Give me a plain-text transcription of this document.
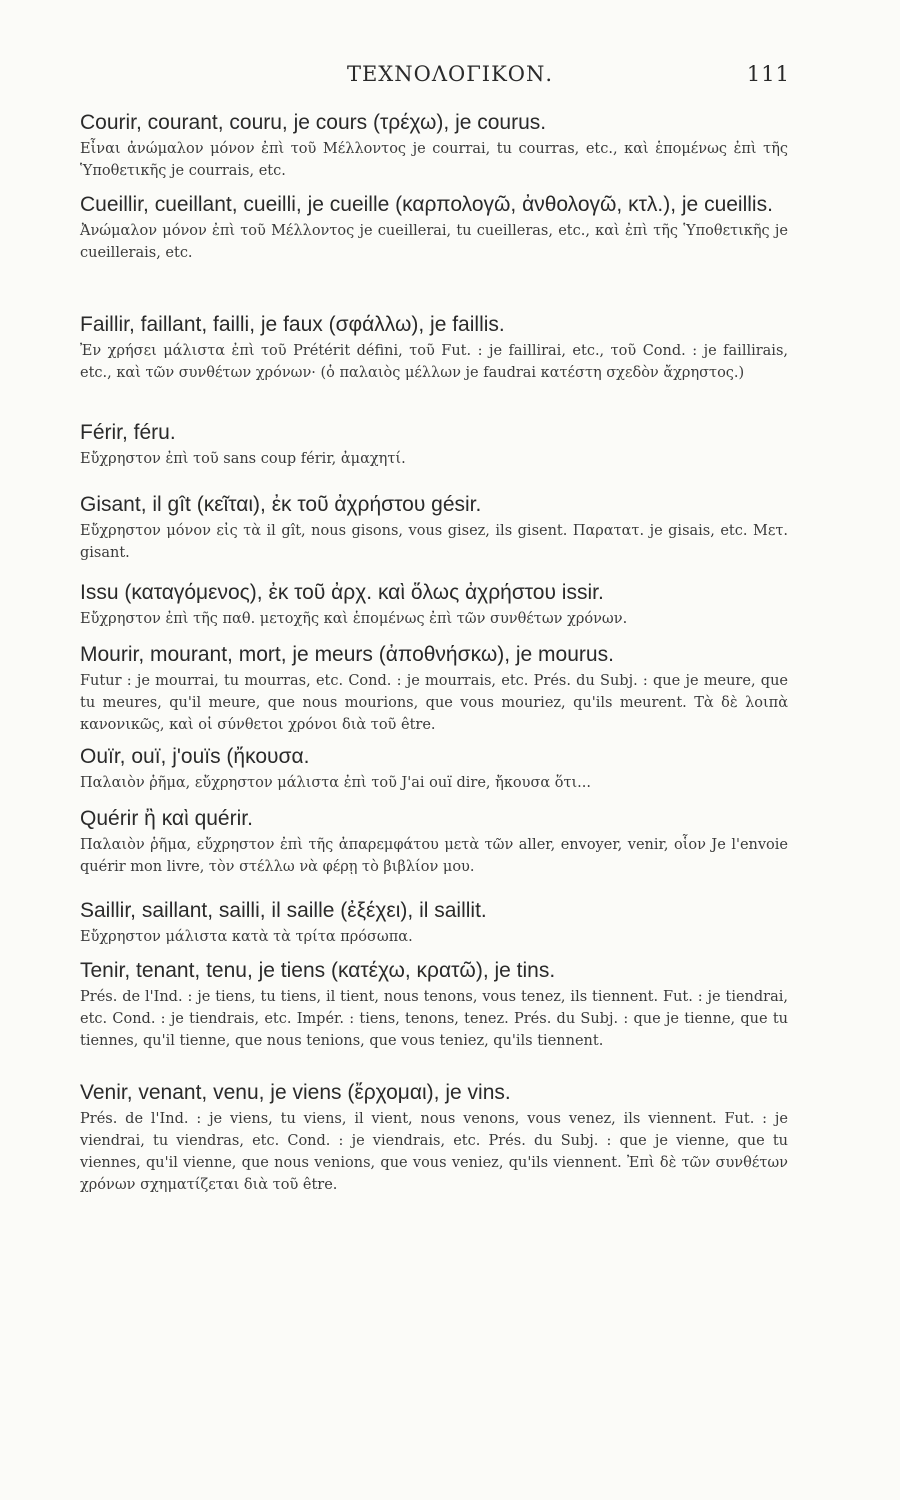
ΤΕΧΝΟΛΟΓΙΚΟΝ.	111

Courir, courant, couru, je cours (τρέχω), je courus.

Εἶναι ἀνώμαλον μόνον ἐπὶ τοῦ Μέλλοντος je courrai, tu courras, etc., καὶ ἑπομένως ἐπὶ τῆς Ὑποθετικῆς je courrais, etc.

Cueillir, cueillant, cueilli, je cueille (καρπολογῶ, ἀνθολογῶ, κτλ.), je cueillis.

Ἀνώμαλον μόνον ἐπὶ τοῦ Μέλλοντος je cueillerai, tu cueilleras, etc., καὶ ἐπὶ τῆς Ὑποθετικῆς je cueillerais, etc.

Faillir, faillant, failli, je faux (σφάλλω), je faillis.

Ἐν χρήσει μάλιστα ἐπὶ τοῦ Prétérit défini, τοῦ Fut. : je faillirai, etc., τοῦ Cond. : je faillirais, etc., καὶ τῶν συνθέτων χρόνων· (ὁ παλαιὸς μέλλων je faudrai κατέστη σχεδὸν ἄχρηστος.)

Férir, féru.

Εὔχρηστον ἐπὶ τοῦ sans coup férir, ἀμαχητί.

Gisant, il gît (κεῖται), ἐκ τοῦ ἀχρήστου gésir.

Εὔχρηστον μόνον εἰς τὰ il gît, nous gisons, vous gisez, ils gisent. Παρατατ. je gisais, etc. Μετ. gisant.

Issu (καταγόμενος), ἐκ τοῦ ἀρχ. καὶ ὅλως ἀχρήστου issir.

Εὔχρηστον ἐπὶ τῆς παθ. μετοχῆς καὶ ἑπομένως ἐπὶ τῶν συνθέτων χρόνων.

Mourir, mourant, mort, je meurs (ἀποθνήσκω), je mourus.

Futur : je mourrai, tu mourras, etc. Cond. : je mourrais, etc. Prés. du Subj. : que je meure, que tu meures, qu'il meure, que nous mourions, que vous mouriez, qu'ils meurent. Τὰ δὲ λοιπὰ κανονικῶς, καὶ οἱ σύνθετοι χρόνοι διὰ τοῦ être.

Ouïr, ouï, j'ouïs (ἤκουσα.

Παλαιὸν ῥῆμα, εὔχρηστον μάλιστα ἐπὶ τοῦ J'ai ouï dire, ἤκουσα ὅτι...

Quérir ἢ καὶ quérir.

Παλαιὸν ῥῆμα, εὔχρηστον ἐπὶ τῆς ἀπαρεμφάτου μετὰ τῶν aller, envoyer, venir, οἷον Je l'envoie quérir mon livre, τὸν στέλλω νὰ φέρῃ τὸ βιβλίον μου.

Saillir, saillant, sailli, il saille (ἐξέχει), il saillit.

Εὔχρηστον μάλιστα κατὰ τὰ τρίτα πρόσωπα.

Tenir, tenant, tenu, je tiens (κατέχω, κρατῶ), je tins.

Prés. de l'Ind. : je tiens, tu tiens, il tient, nous tenons, vous tenez, ils tiennent. Fut. : je tiendrai, etc. Cond. : je tiendrais, etc. Impér. : tiens, tenons, tenez. Prés. du Subj. : que je tienne, que tu tiennes, qu'il tienne, que nous tenions, que vous teniez, qu'ils tiennent.

Venir, venant, venu, je viens (ἔρχομαι), je vins.

Prés. de l'Ind. : je viens, tu viens, il vient, nous venons, vous venez, ils viennent. Fut. : je viendrai, tu viendras, etc. Cond. : je viendrais, etc. Prés. du Subj. : que je vienne, que tu viennes, qu'il vienne, que nous venions, que vous veniez, qu'ils viennent. Ἐπὶ δὲ τῶν συνθέτων χρόνων σχηματίζεται διὰ τοῦ être.
